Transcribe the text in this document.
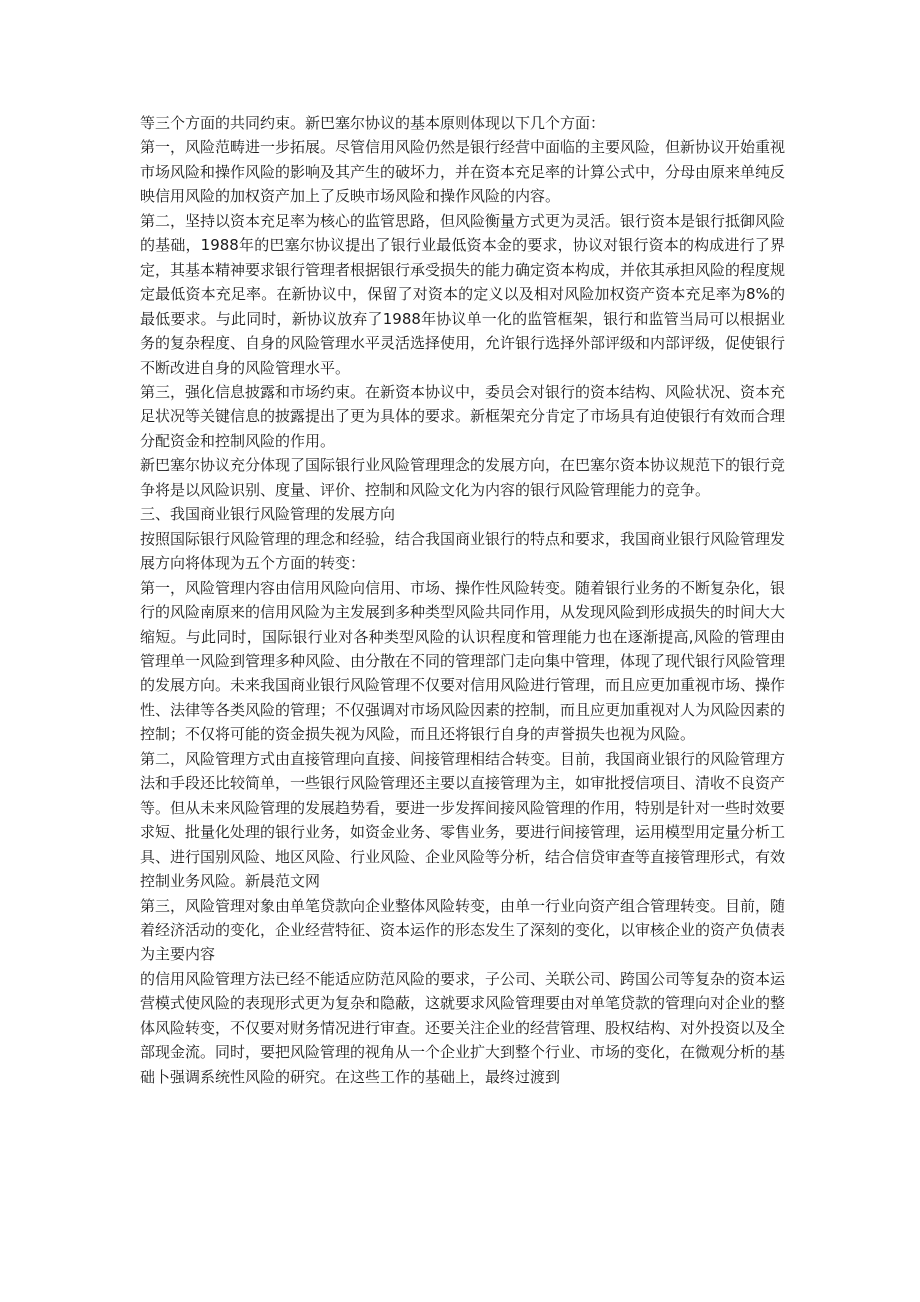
等三个方面的共同约束。新巴塞尔协议的基本原则体现以下几个方面：

第一，风险范畴进一步拓展。尽管信用风险仍然是银行经营中面临的主要风险，但新协议开始重视市场风险和操作风险的影响及其产生的破坏力，并在资本充足率的计算公式中，分母由原来单纯反映信用风险的加权资产加上了反映市场风险和操作风险的内容。

第二，坚持以资本充足率为核心的监管思路，但风险衡量方式更为灵活。银行资本是银行抵御风险的基础，1988年的巴塞尔协议提出了银行业最低资本金的要求，协议对银行资本的构成进行了界定，其基本精神要求银行管理者根据银行承受损失的能力确定资本构成，并依其承担风险的程度规定最低资本充足率。在新协议中，保留了对资本的定义以及相对风险加权资产资本充足率为8%的最低要求。与此同时，新协议放弃了1988年协议单一化的监管框架，银行和监管当局可以根据业务的复杂程度、自身的风险管理水平灵活选择使用，允许银行选择外部评级和内部评级，促使银行不断改进自身的风险管理水平。

第三，强化信息披露和市场约束。在新资本协议中，委员会对银行的资本结构、风险状况、资本充足状况等关键信息的披露提出了更为具体的要求。新框架充分肯定了市场具有迫使银行有效而合理分配资金和控制风险的作用。

新巴塞尔协议充分体现了国际银行业风险管理理念的发展方向，在巴塞尔资本协议规范下的银行竞争将是以风险识别、度量、评价、控制和风险文化为内容的银行风险管理能力的竞争。

三、我国商业银行风险管理的发展方向

按照国际银行风险管理的理念和经验，结合我国商业银行的特点和要求，我国商业银行风险管理发展方向将体现为五个方面的转变：

第一，风险管理内容由信用风险向信用、市场、操作性风险转变。随着银行业务的不断复杂化，银行的风险南原来的信用风险为主发展到多种类型风险共同作用，从发现风险到形成损失的时间大大缩短。与此同时，国际银行业对各种类型风险的认识程度和管理能力也在逐渐提高,风险的管理由管理单一风险到管理多种风险、由分散在不同的管理部门走向集中管理，体现了现代银行风险管理的发展方向。未来我国商业银行风险管理不仅要对信用风险进行管理，而且应更加重视市场、操作性、法律等各类风险的管理；不仅强调对市场风险因素的控制，而且应更加重视对人为风险因素的控制；不仅将可能的资金损失视为风险，而且还将银行自身的声誉损失也视为风险。

第二，风险管理方式由直接管理向直接、间接管理相结合转变。目前，我国商业银行的风险管理方法和手段还比较简单，一些银行风险管理还主要以直接管理为主，如审批授信项目、清收不良资产等。但从未来风险管理的发展趋势看，要进一步发挥间接风险管理的作用，特别是针对一些时效要求短、批量化处理的银行业务，如资金业务、零售业务，要进行间接管理，运用模型用定量分析工具、进行国别风险、地区风险、行业风险、企业风险等分析，结合信贷审查等直接管理形式，有效控制业务风险。新晨范文网

第三，风险管理对象由单笔贷款向企业整体风险转变，由单一行业向资产组合管理转变。目前，随着经济活动的变化，企业经营特征、资本运作的形态发生了深刻的变化，以审核企业的资产负债表为主要内容

的信用风险管理方法已经不能适应防范风险的要求，子公司、关联公司、跨国公司等复杂的资本运营模式使风险的表现形式更为复杂和隐蔽，这就要求风险管理要由对单笔贷款的管理向对企业的整体风险转变，不仅要对财务情况进行审查。还要关注企业的经营管理、股权结构、对外投资以及全部现金流。同时，要把风险管理的视角从一个企业扩大到整个行业、市场的变化，在微观分析的基础卜强调系统性风险的研究。在这些工作的基础上，最终过渡到
